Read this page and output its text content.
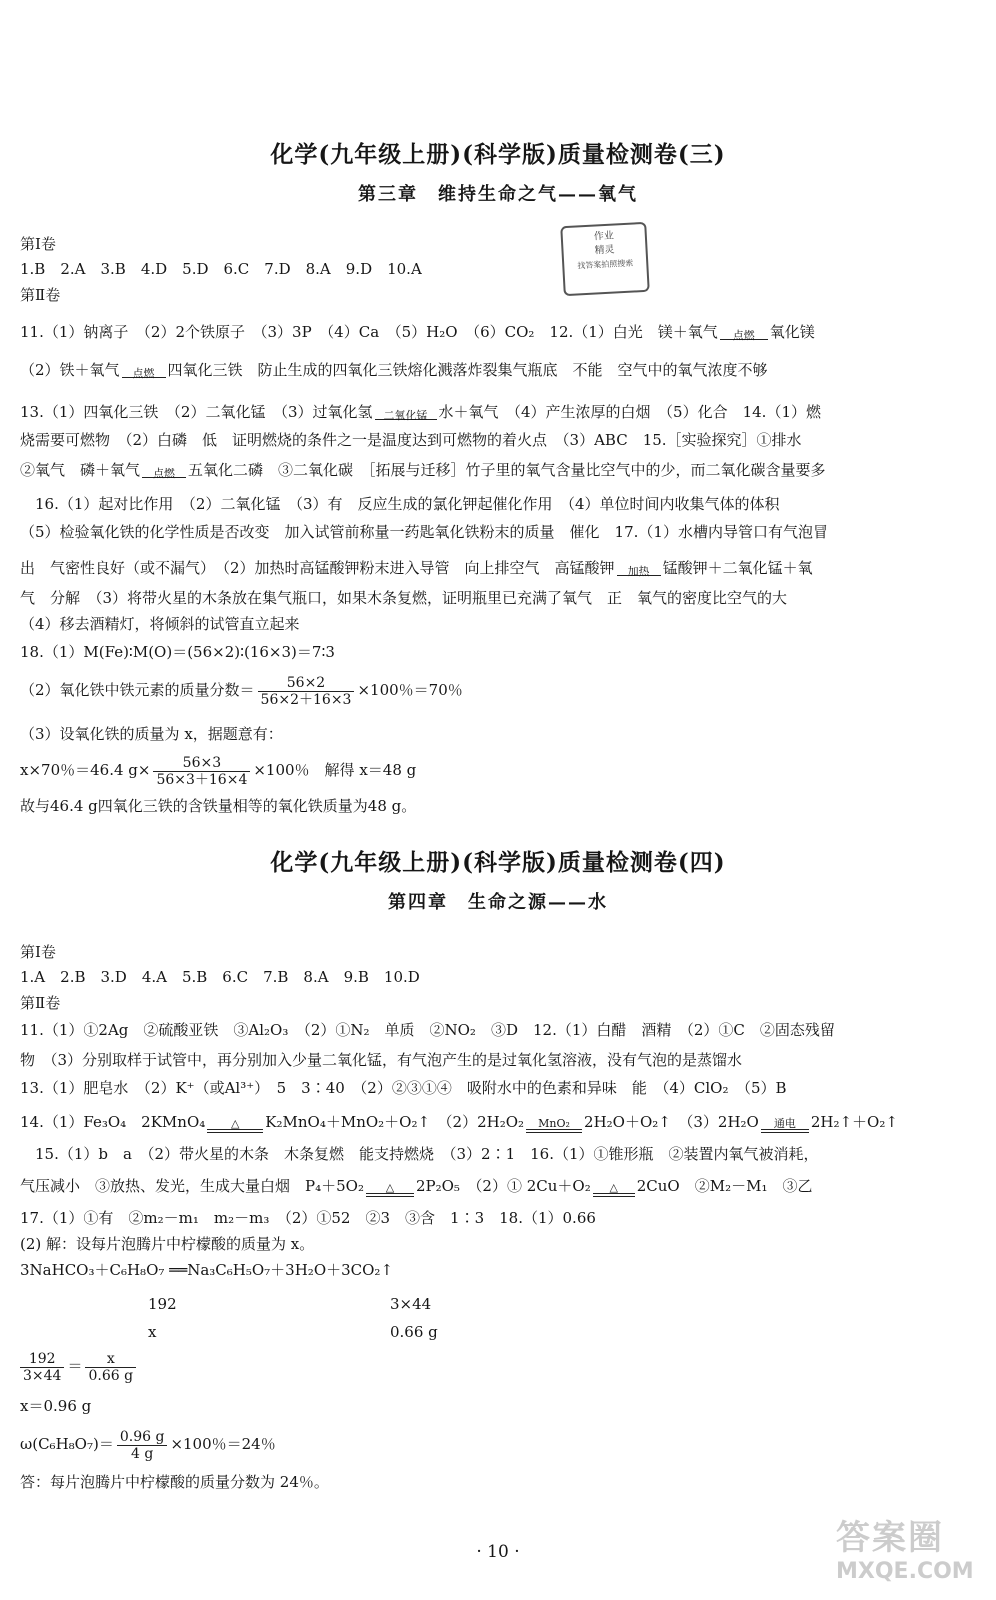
化学(九年级上册)(科学版)质量检测卷(三)
第三章　维持生命之气——氧气
作业
精灵
找答案拍照搜索
第Ⅰ卷
1.B　2.A　3.B　4.D　5.D　6.C　7.D　8.A　9.D　10.A
第Ⅱ卷
11.（1）钠离子　（2）2个铁原子　（3）3P　（4）Ca　（5）H₂O　（6）CO₂　12.（1）白光　镁＋氧气	点燃	氧化镁
（2）铁＋氧气	点燃 四氧化三铁　防止生成的四氧化三铁熔化溅落炸裂集气瓶底　不能　空气中的氧气浓度不够
13.（1）四氧化三铁　（2）二氧化锰　（3）过氧化氢	二氧化锰 水＋氧气　（4）产生浓厚的白烟　（5）化合　14.（1）燃
烧需要可燃物　（2）白磷　低　证明燃烧的条件之一是温度达到可燃物的着火点　（3）ABC　15.［实验探究］①排水
②氧气　磷＋氧气	点燃 五氧化二磷　③二氧化碳　［拓展与迁移］竹子里的氧气含量比空气中的少，而二氧化碳含量要多
　16.（1）起对比作用　（2）二氧化锰　（3）有　反应生成的氯化钾起催化作用　（4）单位时间内收集气体的体积
（5）检验氧化铁的化学性质是否改变　加入试管前称量一药匙氧化铁粉末的质量　催化　17.（1）水槽内导管口有气泡冒
出　气密性良好（或不漏气）　（2）加热时高锰酸钾粉末进入导管　向上排空气　高锰酸钾	加热 锰酸钾＋二氧化锰＋氧
气　分解　（3）将带火星的木条放在集气瓶口，如果木条复燃，证明瓶里已充满了氧气　正　氧气的密度比空气的大
（4）移去酒精灯，将倾斜的试管直立起来
18.（1）M(Fe)∶M(O)＝(56×2)∶(16×3)＝7∶3
（2）氧化铁中铁元素的质量分数＝ $\frac{56\times 2}{56\times 2+16\times 3} \times 100$％＝70％
（3）设氧化铁的质量为 x，据题意有：
x×70％＝46.4 $g\times \frac{56\times 3}{56\times 3+16\times 4} \times 100$％　解得 x＝48 g
故与46.4 g四氧化三铁的含铁量相等的氧化铁质量为48 g。
化学(九年级上册)(科学版)质量检测卷(四)
第四章　生命之源——水
第Ⅰ卷
1.A　2.B　3.D　4.A　5.B　6.C　7.B　8.A　9.B　10.D
第Ⅱ卷
11.（1）①2Ag　②硫酸亚铁　③Al₂O₃　（2）①N₂　单质　②NO₂　③D　12.（1）白醋　酒精　（2）①C　②固态残留
物　（3）分别取样于试管中，再分别加入少量二氧化锰，有气泡产生的是过氧化氢溶液，没有气泡的是蒸馏水
13.（1）肥皂水　（2）K⁺（或Al³⁺）　5　3∶40　（2）②③①④　吸附水中的色素和异味　能　（4）ClO₂　（5）B
14.（1）Fe₃O₄　2KMnO₄	△	K₂MnO₄＋MnO₂＋O₂↑　（2）2H₂O₂	MnO₂ 2H₂O＋O₂↑　（3）2H₂O	通电	2H₂↑＋O₂↑
　15.（1）b　a　（2）带火星的木条　木条复燃　能支持燃烧　（3）2∶1　16.（1）①锥形瓶　②装置内氧气被消耗，
气压减小　③放热、发光，生成大量白烟　P₄＋5O₂	△	2P₂O₅　（2）① 2Cu＋O₂	△	2CuO　②M₂－M₁　③乙
17.（1）①有　②m₂－m₁　m₂－m₃　（2）①52　②3　③含　1∶3　18.（1）0.66
(2) 解：设每片泡腾片中柠檬酸的质量为 x。
3NaHCO₃＋C₆H₈O₇ ══Na₃C₆H₅O₇＋3H₂O＋3CO₂↑
192	3×44
x	0.66 g
$\frac{192}{3\times 44} = \frac{x}{0.66 g}$
x＝0.96 g
$\omega(C_6H_8O_7)= \frac{0.96 g}{4 g} \times 100$％＝24％
答：每片泡腾片中柠檬酸的质量分数为 24％。
· 10 ·	答案圈
MXQE.COM
